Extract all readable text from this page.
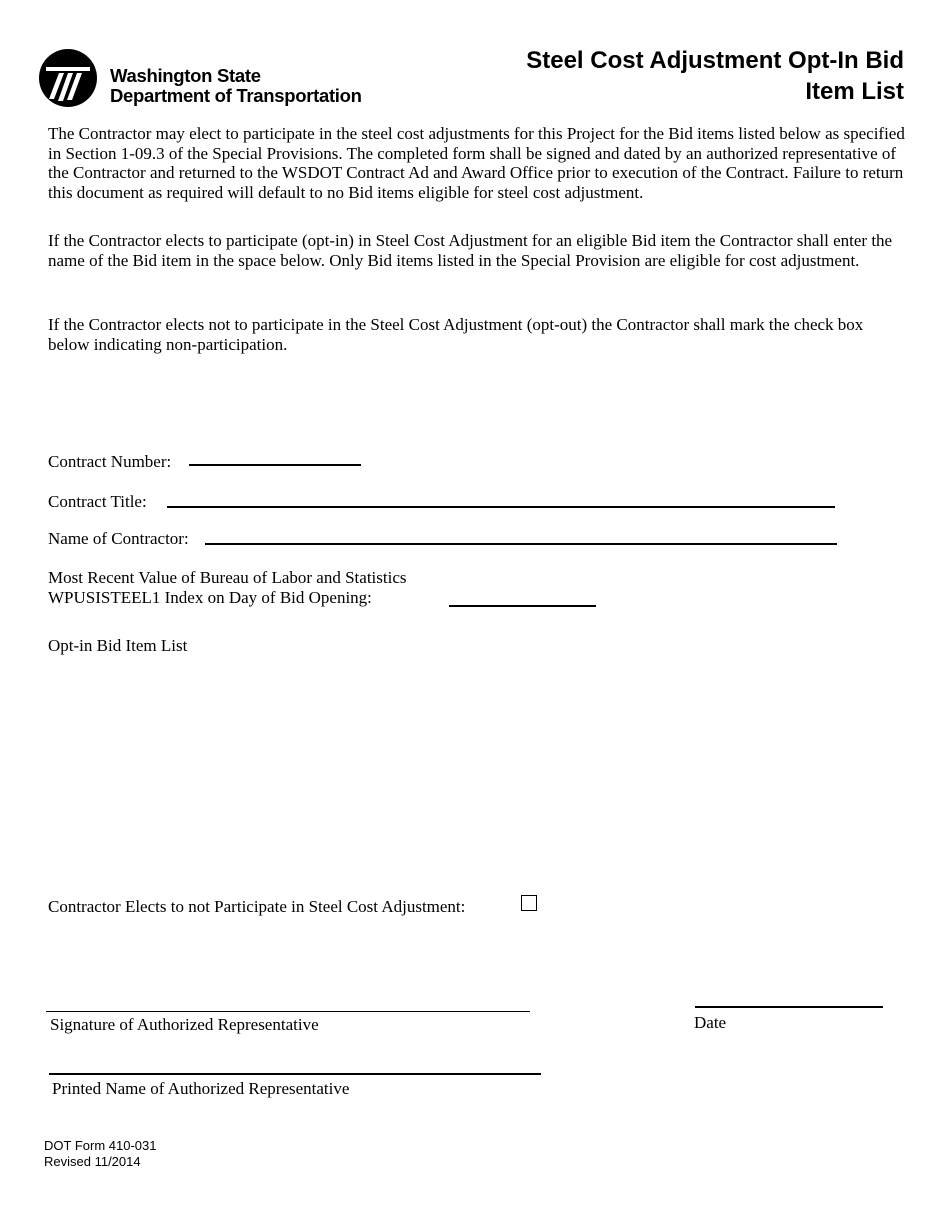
Washington State
Department of Transportation
Steel Cost Adjustment Opt-In Bid Item List

The Contractor may elect to participate in the steel cost adjustments for this Project for the Bid items listed below as specified in Section 1-09.3 of the Special Provisions. The completed form shall be signed and dated by an authorized representative of the Contractor and returned to the WSDOT Contract Ad and Award Office prior to execution of the Contract. Failure to return this document as required will default to no Bid items eligible for steel cost adjustment.

If the Contractor elects to participate (opt-in) in Steel Cost Adjustment for an eligible Bid item the Contractor shall enter the name of the Bid item in the space below. Only Bid items listed in the Special Provision are eligible for cost adjustment.

If the Contractor elects not to participate in the Steel Cost Adjustment (opt-out) the Contractor shall mark the check box below indicating non-participation.

Contract Number:
Contract Title:
Name of Contractor:
Most Recent Value of Bureau of Labor and Statistics
WPUSISTEEL1 Index on Day of Bid Opening:
Opt-in Bid Item List
Contractor Elects to not Participate in Steel Cost Adjustment:
Signature of Authorized Representative	Date
Printed Name of Authorized Representative
DOT Form 410-031
Revised 11/2014
